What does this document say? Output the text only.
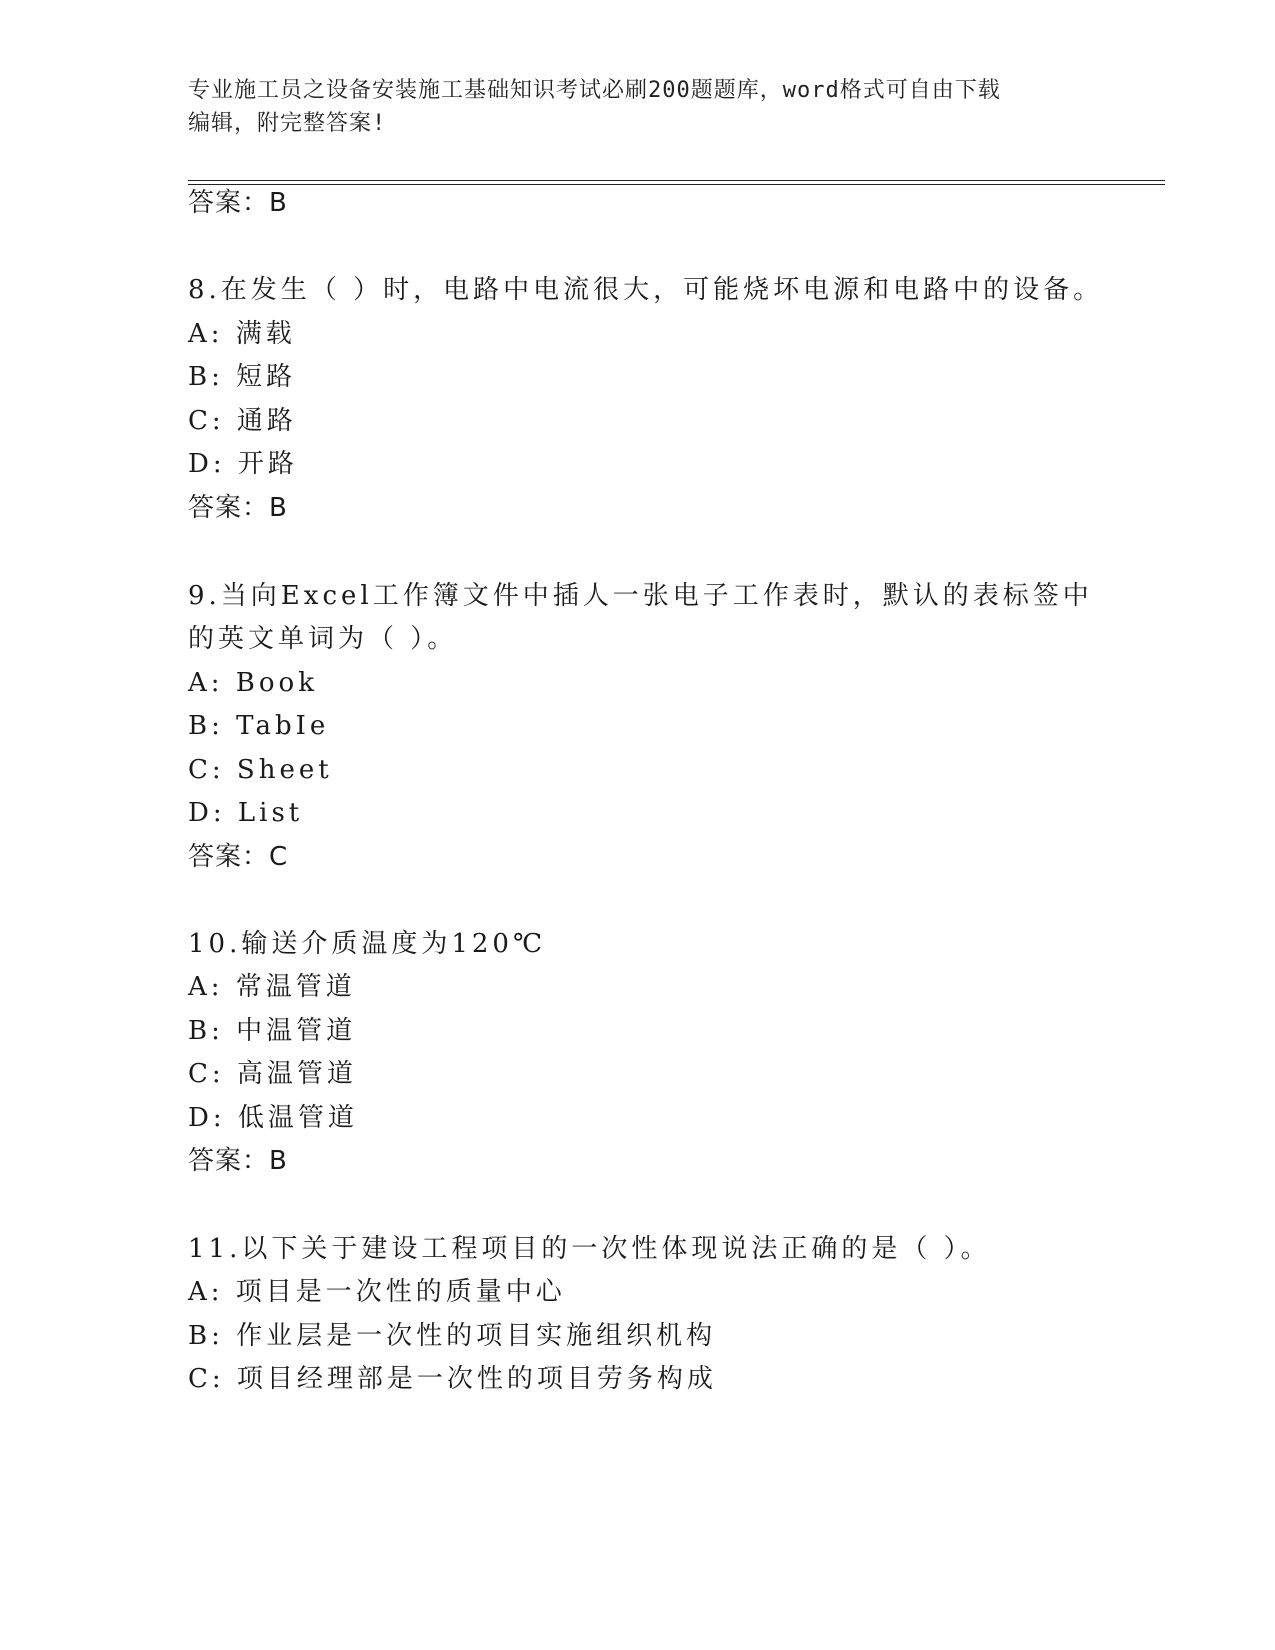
专业施工员之设备安装施工基础知识考试必刷200题题库，word格式可自由下载
编辑，附完整答案!
答案：B
8.在发生（ ）时，电路中电流很大，可能烧坏电源和电路中的设备。
A: 满载
B: 短路
C: 通路
D: 开路
答案：B
9.当向Excel工作簿文件中插人一张电子工作表时，默认的表标签中
的英文单词为（ ）。
A: Book
B: TabIe
C: Sheet
D: List
答案：C
10.输送介质温度为120℃
A: 常温管道
B: 中温管道
C: 高温管道
D: 低温管道
答案：B
11.以下关于建设工程项目的一次性体现说法正确的是（ ）。
A: 项目是一次性的质量中心
B: 作业层是一次性的项目实施组织机构
C: 项目经理部是一次性的项目劳务构成
